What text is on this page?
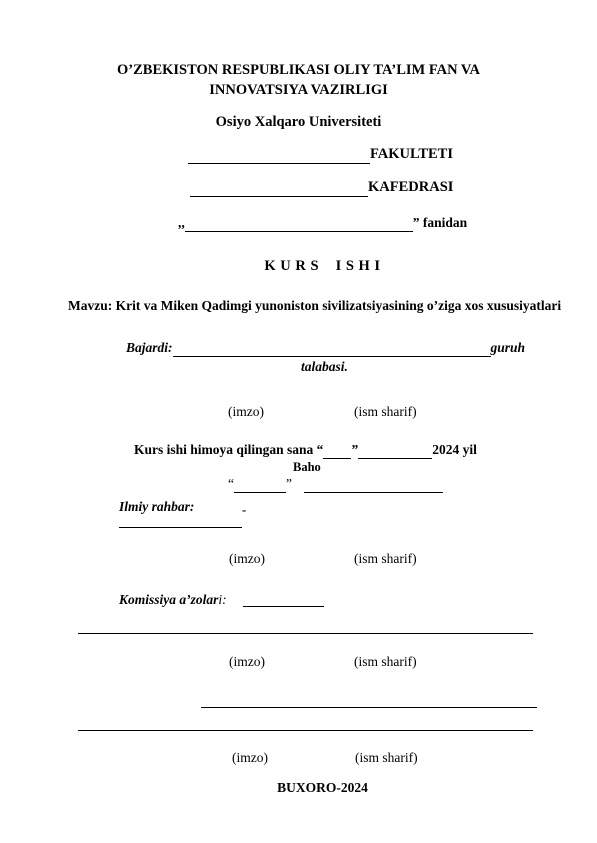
O’ZBEKISTON RESPUBLIKASI OLIY TA’LIM FAN VA
INNOVATSIYA VAZIRLIGI
Osiyo Xalqaro Universiteti
FAKULTETI
KAFEDRASI
,,	” fanidan
K U R S    I S H I
Mavzu: Krit va Miken Qadimgi yunoniston sivilizatsiyasining o’ziga xos xususiyatlari
Bajardi:	guruh
talabasi.
(imzo)	(ism sharif)
Kurs ishi himoya qilingan sana “ ”	2024 yil
Baho
“	”
Ilmiy rahbar:	-
(imzo)	(ism sharif)
Komissiya a’zolari:
(imzo)	(ism sharif)
(imzo)	(ism sharif)
BUXORO-2024
